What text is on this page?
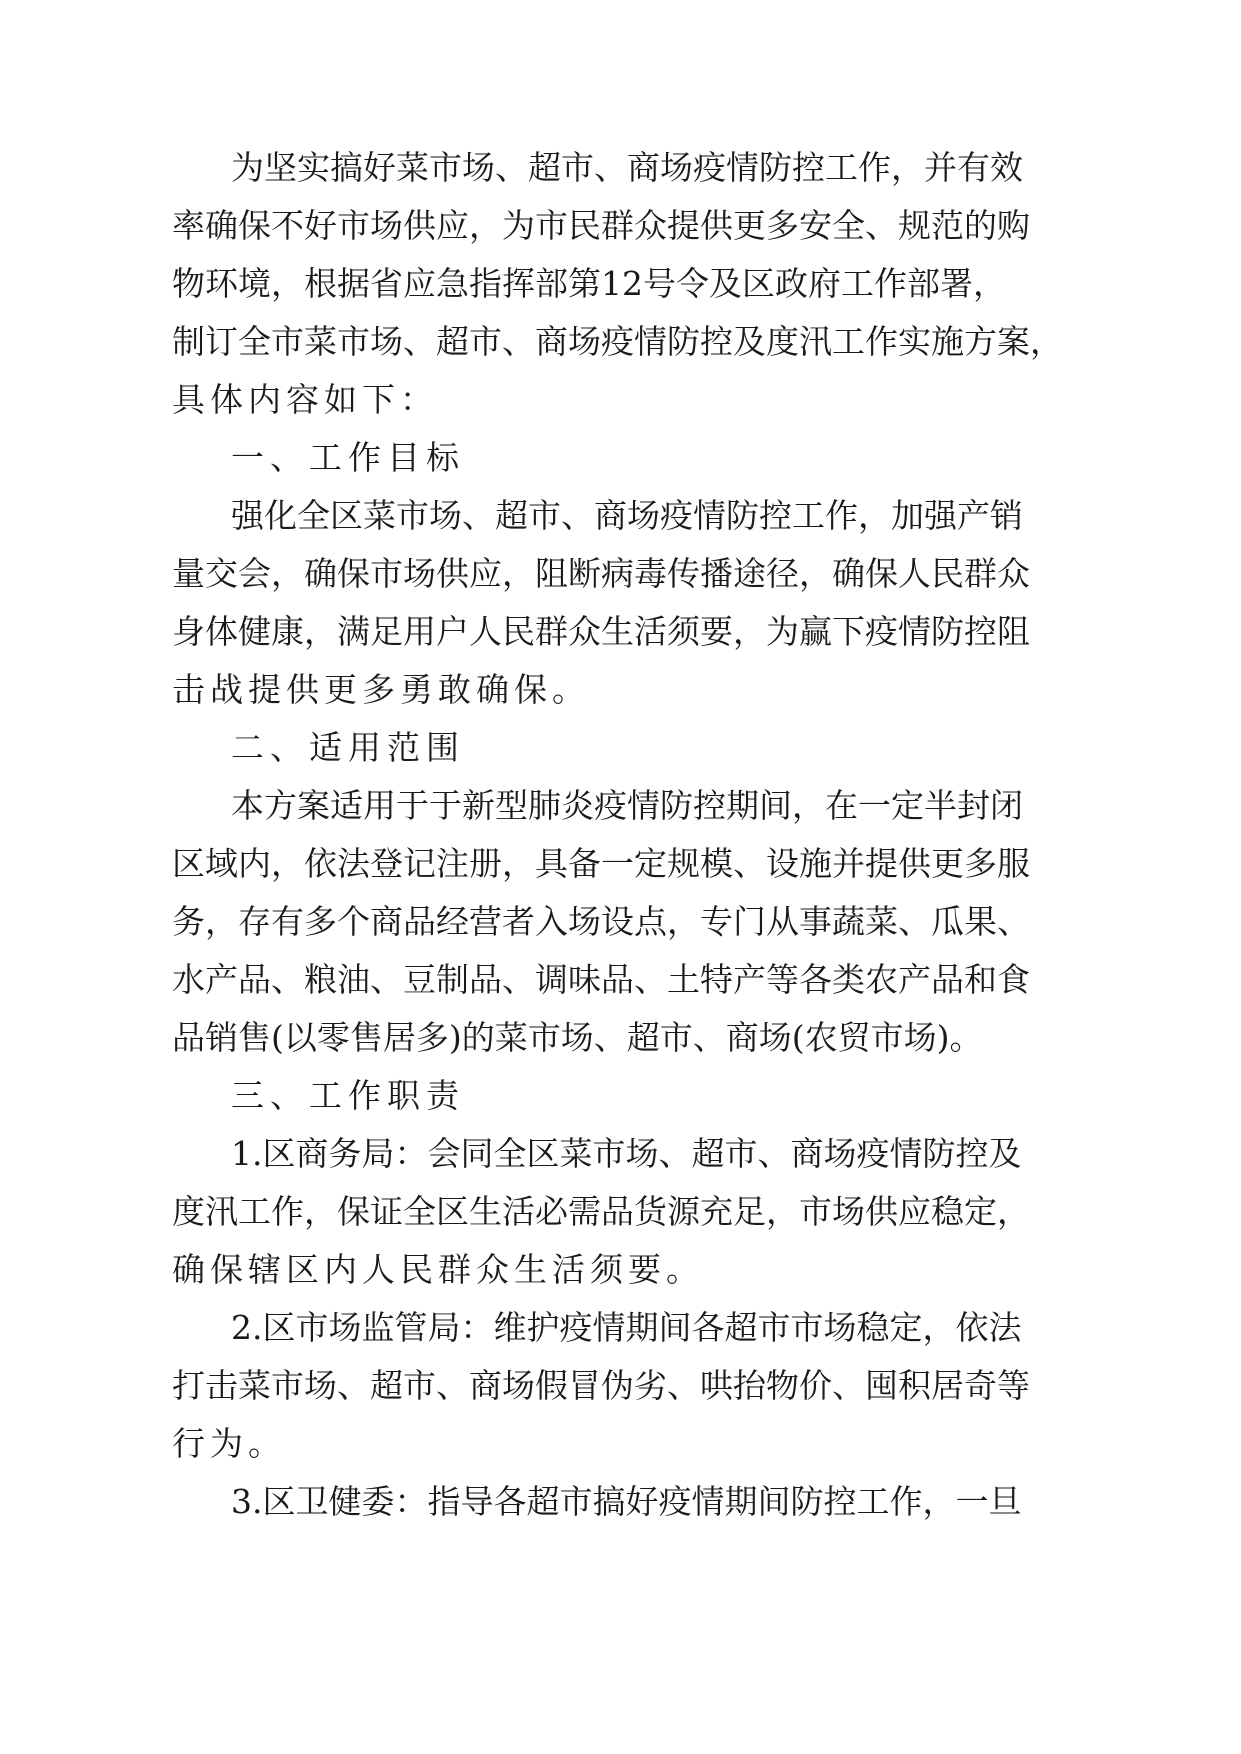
为 坚 实 搞 好 菜 市 场 、 超 市 、 商 场 疫 情 防 控 工 作 ， 并 有 效
率 确 保 不 好 市 场 供 应 ， 为 市 民 群 众 提 供 更 多 安 全 、 规 范 的 购
物 环 境 ， 根 据 省 应 急 指 挥 部 第 12 号 令 及 区 政 府 工 作 部 署 ，
制 订 全 市 菜 市 场 、 超 市 、 商 场 疫 情 防 控 及 度 汛 工 作 实 施 方 案 ，
具体内容如下：
一、工作目标
强 化 全 区 菜 市 场 、 超 市 、 商 场 疫 情 防 控 工 作 ， 加 强 产 销
量 交 会 ， 确 保 市 场 供 应 ， 阻 断 病 毒 传 播 途 径 ， 确 保 人 民 群 众
身 体 健 康 ， 满 足 用 户 人 民 群 众 生 活 须 要 ， 为 赢 下 疫 情 防 控 阻
击战提供更多勇敢确保。
二、适用范围
本 方 案 适 用 于 于 新 型 肺 炎 疫 情 防 控 期 间 ， 在 一 定 半 封 闭
区 域 内 ， 依 法 登 记 注 册 ， 具 备 一 定 规 模 、 设 施 并 提 供 更 多 服
务 ， 存 有 多 个 商 品 经 营 者 入 场 设 点 ， 专 门 从 事 蔬 菜 、 瓜 果 、
水 产 品 、 粮 油 、 豆 制 品 、 调 味 品 、 土 特 产 等 各 类 农 产 品 和 食
品 销 售 ( 以 零 售 居 多 ) 的 菜 市 场 、 超 市 、 商 场 ( 农 贸 市 场 ) 。
三、工作职责
1 . 区 商 务 局 ： 会 同 全 区 菜 市 场 、 超 市 、 商 场 疫 情 防 控 及
度 汛 工 作 ， 保 证 全 区 生 活 必 需 品 货 源 充 足 ， 市 场 供 应 稳 定 ，
确保辖区内人民群众生活须要。
2 . 区 市 场 监 管 局 ： 维 护 疫 情 期 间 各 超 市 市 场 稳 定 ， 依 法
打 击 菜 市 场 、 超 市 、 商 场 假 冒 伪 劣 、 哄 抬 物 价 、 囤 积 居 奇 等
行为。
3 . 区 卫 健 委 ： 指 导 各 超 市 搞 好 疫 情 期 间 防 控 工 作 ， 一 旦
